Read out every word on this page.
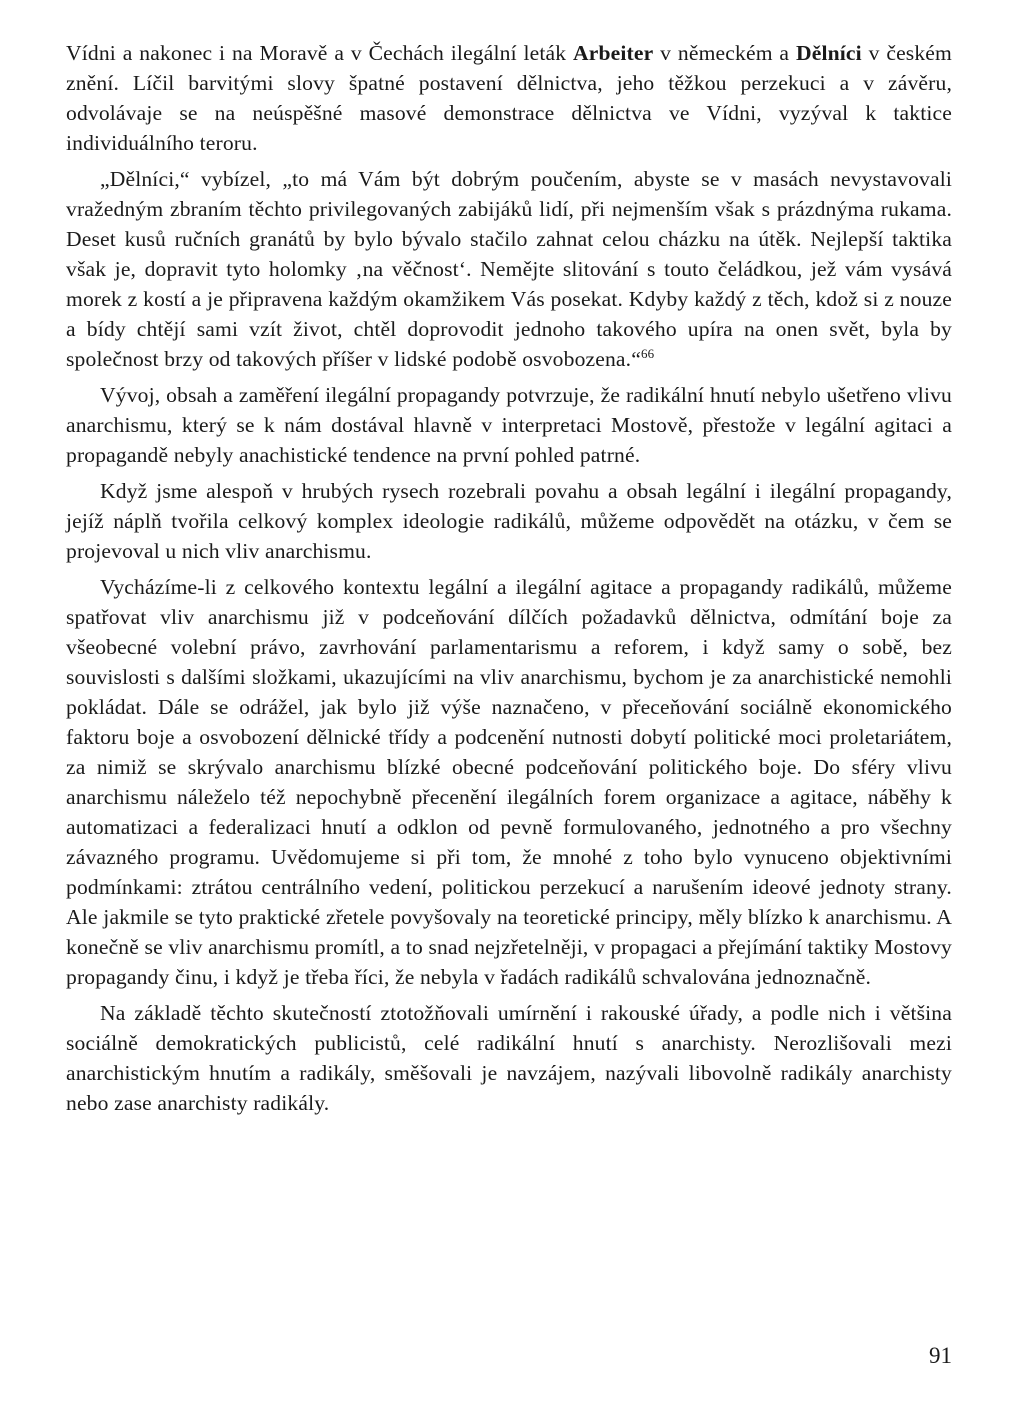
Vídni a nakonec i na Moravě a v Čechách ilegální leták Arbeiter v německém a Dělníci v českém znění. Líčil barvitými slovy špatné postavení dělnictva, jeho těžkou perzekuci a v závěru, odvolávaje se na neúspěšné masové demonstrace dělnictva ve Vídni, vyzýval k taktice individuálního teroru.

„Dělníci,“ vybízel, „to má Vám být dobrým poučením, abyste se v masách nevystavovali vražedným zbraním těchto privilegovaných zabijáků lidí, při nejmenším však s prázdnýma rukama. Deset kusů ručních granátů by bylo bývalo stačilo zahnat celou cházku na útěk. Nejlepší taktika však je, dopravit tyto holomky ‚na věčnost‘. Nemějte slitování s touto čeládkou, jež vám vysává morek z kostí a je připravena každým okamžikem Vás posekat. Kdyby každý z těch, kdož si z nouze a bídy chtějí sami vzít život, chtěl doprovodit jednoho takového upíra na onen svět, byla by společnost brzy od takových příšer v lidské podobě osvobozena.“$^{66}$

Vývoj, obsah a zaměření ilegální propagandy potvrzuje, že radikální hnutí nebylo ušetřeno vlivu anarchismu, který se k nám dostával hlavně v interpretaci Mostově, přestože v legální agitaci a propagandě nebyly anachistické tendence na první pohled patrné.

Když jsme alespoň v hrubých rysech rozebrali povahu a obsah legální i ilegální propagandy, jejíž náplň tvořila celkový komplex ideologie radikálů, můžeme odpovědět na otázku, v čem se projevoval u nich vliv anarchismu.

Vycházíme-li z celkového kontextu legální a ilegální agitace a propagandy radikálů, můžeme spatřovat vliv anarchismu již v podceňování dílčích požadavků dělnictva, odmítání boje za všeobecné volební právo, zavrhování parlamentarismu a reforem, i když samy o sobě, bez souvislosti s dalšími složkami, ukazujícími na vliv anarchismu, bychom je za anarchistické nemohli pokládat. Dále se odrážel, jak bylo již výše naznačeno, v přeceňování sociálně ekonomického faktoru boje a osvobození dělnické třídy a podcenění nutnosti dobytí politické moci proletariátem, za nimiž se skrývalo anarchismu blízké obecné podceňování politického boje. Do sféry vlivu anarchismu náleželo též nepochybně přecenění ilegálních forem organizace a agitace, náběhy k automatizaci a federalizaci hnutí a odklon od pevně formulovaného, jednotného a pro všechny závazného programu. Uvědomujeme si při tom, že mnohé z toho bylo vynuceno objektivními podmínkami: ztrátou centrálního vedení, politickou perzekucí a narušením ideové jednoty strany. Ale jakmile se tyto praktické zřetele povyšovaly na teoretické principy, měly blízko k anarchismu. A konečně se vliv anarchismu promítl, a to snad nejzřetelněji, v propagaci a přejímání taktiky Mostovy propagandy činu, i když je třeba říci, že nebyla v řadách radikálů schvalována jednoznačně.

Na základě těchto skutečností ztotožňovali umírnění i rakouské úřady, a podle nich i většina sociálně demokratických publicistů, celé radikální hnutí s anarchisty. Nerozlišovali mezi anarchistickým hnutím a radikály, směšovali je navzájem, nazývali libovolně radikály anarchisty nebo zase anarchisty radikály.

91
